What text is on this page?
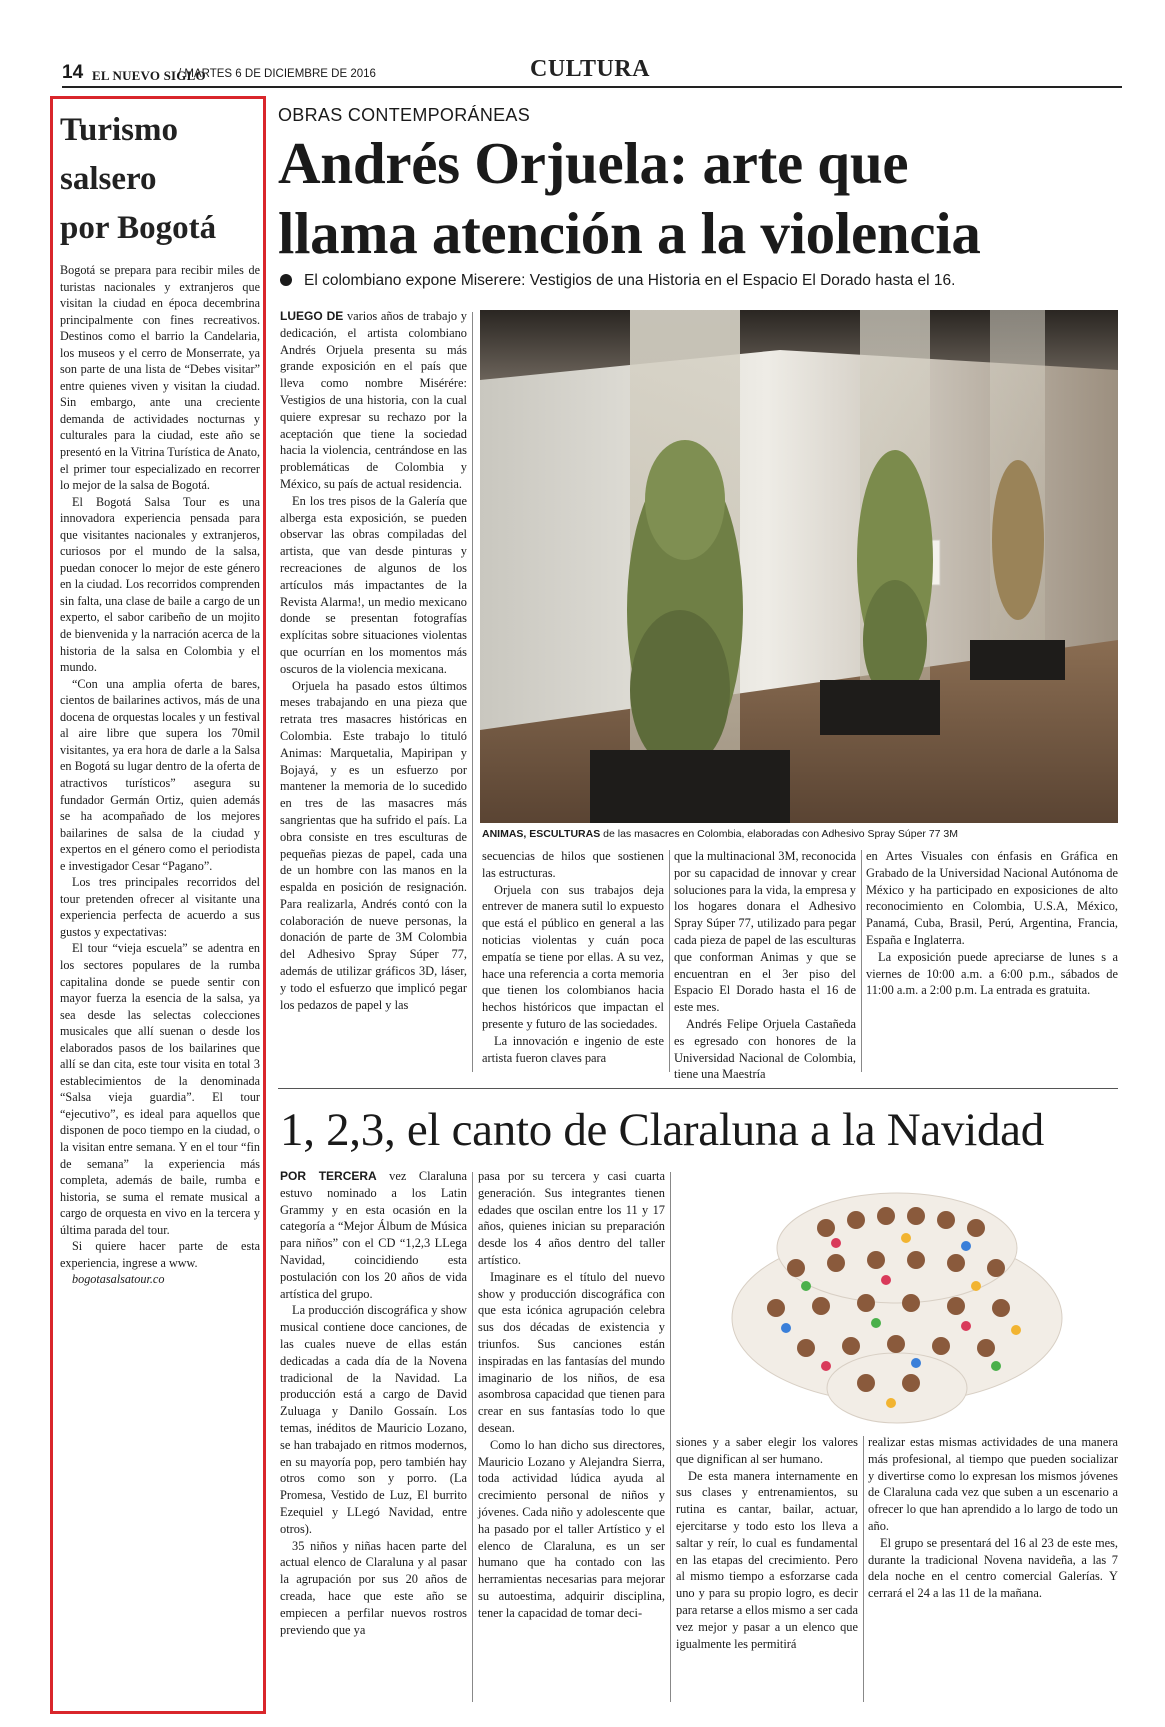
14 EL NUEVO SIGLO
/ MARTES 6 DE DICIEMBRE DE 2016	CULTURA
Turismo
salsero
por Bogotá

Bogotá se prepara para recibir miles de turistas nacionales y extranjeros que visitan la ciudad en época decembrina principalmente con fines recreativos. Destinos como el barrio la Candelaria, los museos y el cerro de Monserrate, ya son parte de una lista de “Debes visitar” entre quienes viven y visitan la ciudad. Sin embargo, ante una creciente demanda de actividades nocturnas y culturales para la ciudad, este año se presentó en la Vitrina Turística de Anato, el primer tour especializado en recorrer lo mejor de la salsa de Bogotá.

El Bogotá Salsa Tour es una innovadora experiencia pensada para que visitantes nacionales y extranjeros, curiosos por el mundo de la salsa, puedan conocer lo mejor de este género en la ciudad. Los recorridos comprenden sin falta, una clase de baile a cargo de un experto, el sabor caribeño de un mojito de bienvenida y la narración acerca de la historia de la salsa en Colombia y el mundo.

“Con una amplia oferta de bares, cientos de bailarines activos, más de una docena de orquestas locales y un festival al aire libre que supera los 70mil visitantes, ya era hora de darle a la Salsa en Bogotá su lugar dentro de la oferta de atractivos turísticos” asegura su fundador Germán Ortiz, quien además se ha acompañado de los mejores bailarines de salsa de la ciudad y expertos en el género como el periodista e investigador Cesar “Pagano”.

Los tres principales recorridos del tour pretenden ofrecer al visitante una experiencia perfecta de acuerdo a sus gustos y expectativas:

El tour “vieja escuela” se adentra en los sectores populares de la rumba capitalina donde se puede sentir con mayor fuerza la esencia de la salsa, ya sea desde las selectas colecciones musicales que allí suenan o desde los elaborados pasos de los bailarines que allí se dan cita, este tour visita en total 3 establecimientos de la denominada “Salsa vieja guardia”. El tour “ejecutivo”, es ideal para aquellos que disponen de poco tiempo en la ciudad, o la visitan entre semana. Y en el tour “fin de semana” la experiencia más completa, además de baile, rumba e historia, se suma el remate musical a cargo de orquesta en vivo en la tercera y última parada del tour.

Si quiere hacer parte de esta experiencia, ingrese a www.

bogotasalsatour.co

OBRAS CONTEMPORÁNEAS
Andrés Orjuela: arte que
llama atención a la violencia
El colombiano expone Miserere: Vestigios de una Historia en el Espacio El Dorado hasta el 16.

LUEGO DE varios años de trabajo y dedicación, el artista colombiano Andrés Orjuela presenta su más grande exposición en el país que lleva como nombre Misérére: Vestigios de una historia, con la cual quiere expresar su rechazo por la aceptación que tiene la sociedad hacia la violencia, centrándose en las problemáticas de Colombia y México, su país de actual residencia.

En los tres pisos de la Galería que alberga esta exposición, se pueden observar las obras compiladas del artista, que van desde pinturas y recreaciones de algunos de los artículos más impactantes de la Revista Alarma!, un medio mexicano donde se presentan fotografías explícitas sobre situaciones violentas que ocurrían en los momentos más oscuros de la violencia mexicana.

Orjuela ha pasado estos últimos meses trabajando en una pieza que retrata tres masacres históricas en Colombia. Este trabajo lo tituló Animas: Marquetalia, Mapiripan y Bojayá, y es un esfuerzo por mantener la memoria de lo sucedido en tres de las masacres más sangrientas que ha sufrido el país. La obra consiste en tres esculturas de pequeñas piezas de papel, cada una de un hombre con las manos en la espalda en posición de resignación. Para realizarla, Andrés contó con la colaboración de nueve personas, la donación de parte de 3M Colombia del Adhesivo Spray Súper 77, además de utilizar gráficos 3D, láser, y todo el esfuerzo que implicó pegar los pedazos de papel y las

ANIMAS, ESCULTURAS de las masacres en Colombia, elaboradas con Adhesivo Spray Súper 77 3M

secuencias de hilos que sostienen las estructuras.

Orjuela con sus trabajos deja entrever de manera sutil lo expuesto que está el público en general a las noticias violentas y cuán poca empatía se tiene por ellas. A su vez, hace una referencia a corta memoria que tienen los colombianos hacia hechos históricos que impactan el presente y futuro de las sociedades.

La innovación e ingenio de este artista fueron claves para

que la multinacional 3M, reconocida por su capacidad de innovar y crear soluciones para la vida, la empresa y los hogares donara el Adhesivo Spray Súper 77, utilizado para pegar cada pieza de papel de las esculturas que conforman Animas y que se encuentran en el 3er piso del Espacio El Dorado hasta el 16 de este mes.

Andrés Felipe Orjuela Castañeda es egresado con honores de la Universidad Nacional de Colombia, tiene una Maestría

en Artes Visuales con énfasis en Gráfica en Grabado de la Universidad Nacional Autónoma de México y ha participado en exposiciones de alto reconocimiento en Colombia, U.S.A, México, Panamá, Cuba, Brasil, Perú, Argentina, Francia, España e Inglaterra.

La exposición puede apreciarse de lunes s a viernes de 10:00 a.m. a 6:00 p.m., sábados de 11:00 a.m. a 2:00 p.m. La entrada es gratuita.

1, 2,3, el canto de Claraluna a la Navidad

POR TERCERA vez Claraluna estuvo nominado a los Latin Grammy y en esta ocasión en la categoría a “Mejor Álbum de Música para niños” con el CD “1,2,3 LLega Navidad, coincidiendo esta postulación con los 20 años de vida artística del grupo.

La producción discográfica y show musical contiene doce canciones, de las cuales nueve de ellas están dedicadas a cada día de la Novena tradicional de la Navidad. La producción está a cargo de David Zuluaga y Danilo Gossaín. Los temas, inéditos de Mauricio Lozano, se han trabajado en ritmos modernos, en su mayoría pop, pero también hay otros como son y porro. (La Promesa, Vestido de Luz, El burrito Ezequiel y LLegó Navidad, entre otros).

35 niños y niñas hacen parte del actual elenco de Claraluna y al pasar la agrupación por sus 20 años de creada, hace que este año se empiecen a perfilar nuevos rostros previendo que ya

pasa por su tercera y casi cuarta generación. Sus integrantes tienen edades que oscilan entre los 11 y 17 años, quienes inician su preparación desde los 4 años dentro del taller artístico.

Imaginare es el título del nuevo show y producción discográfica con que esta icónica agrupación celebra sus dos décadas de existencia y triunfos. Sus canciones están inspiradas en las fantasías del mundo imaginario de los niños, de esa asombrosa capacidad que tienen para crear en sus fantasías todo lo que desean.

Como lo han dicho sus directores, Mauricio Lozano y Alejandra Sierra, toda actividad lúdica ayuda al crecimiento personal de niños y jóvenes. Cada niño y adolescente que ha pasado por el taller Artístico y el elenco de Claraluna, es un ser humano que ha contado con las herramientas necesarias para mejorar su autoestima, adquirir disciplina, tener la capacidad de tomar deci-

siones y a saber elegir los valores que dignifican al ser humano.

De esta manera internamente en sus clases y entrenamientos, su rutina es cantar, bailar, actuar, ejercitarse y todo esto los lleva a saltar y reír, lo cual es fundamental en las etapas del crecimiento. Pero al mismo tiempo a esforzarse cada uno y para su propio logro, es decir para retarse a ellos mismo a ser cada vez mejor y pasar a un elenco que igualmente les permitirá

realizar estas mismas actividades de una manera más profesional, al tiempo que pueden socializar y divertirse como lo expresan los mismos jóvenes de Claraluna cada vez que suben a un escenario a ofrecer lo que han aprendido a lo largo de todo un año.

El grupo se presentará del 16 al 23 de este mes, durante la tradicional Novena navideña, a las 7 dela noche en el centro comercial Galerías. Y cerrará el 24 a las 11 de la mañana.
